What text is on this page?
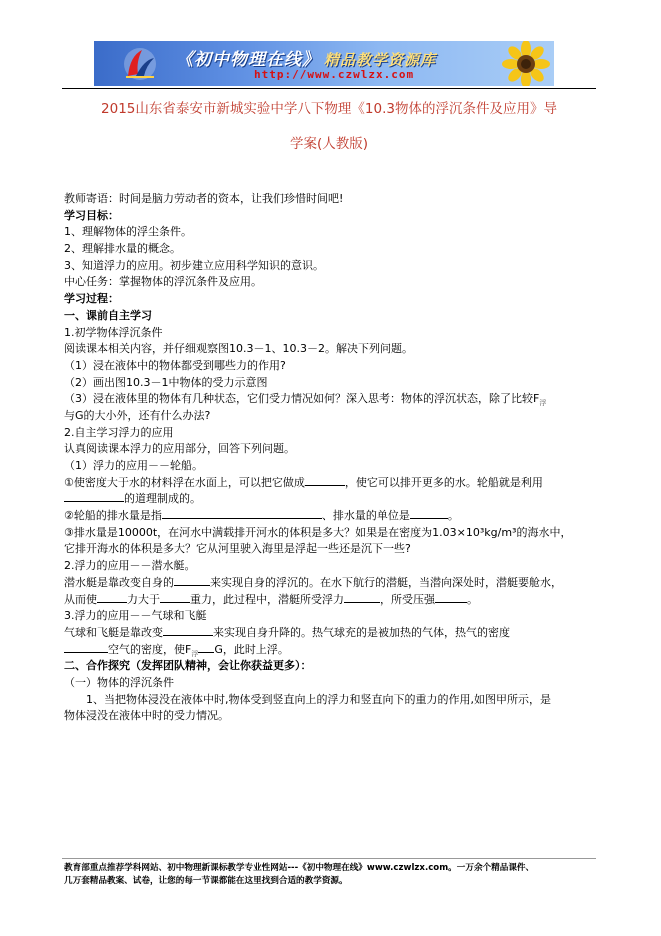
《初中物理在线》 精品教学资源库
http://www.czwlzx.com
2015山东省泰安市新城实验中学八下物理《10.3物体的浮沉条件及应用》导
学案(人教版)
教师寄语：时间是脑力劳动者的资本，让我们珍惜时间吧!
学习目标：
1、理解物体的浮尘条件。
2、理解排水量的概念。
3、知道浮力的应用。初步建立应用科学知识的意识。
中心任务：掌握物体的浮沉条件及应用。
学习过程：
一、课前自主学习
1.初学物体浮沉条件
阅读课本相关内容，并仔细观察图10.3－1、10.3－2。解决下列问题。
（1）浸在液体中的物体都受到哪些力的作用?
（2）画出图10.3－1中物体的受力示意图
（3）浸在液体里的物体有几种状态，它们受力情况如何？深入思考：物体的浮沉状态，除了比较$F_浮$
与G的大小外，还有什么办法?
2.自主学习浮力的应用
认真阅读课本浮力的应用部分，回答下列问题。
（1）浮力的应用－－轮船。
①使密度大于水的材料浮在水面上，可以把它做成	，使它可以排开更多的水。轮船就是利用
的道理制成的。
②轮船的排水量是指	、排水量的单位是	。
③排水量是10000t，在河水中满载排开河水的体积是多大？如果是在密度为1.03×10³kg/m³的海水中，
它排开海水的体积是多大？它从河里驶入海里是浮起一些还是沉下一些?
2.浮力的应用－－潜水艇。
潜水艇是靠改变自身的	来实现自身的浮沉的。在水下航行的潜艇，当潜向深处时，潜艇要舱水，
从而使	力大于	重力，此过程中，潜艇所受浮力	，所受压强	。
3.浮力的应用－－气球和飞艇
气球和飞艇是靠改变	来实现自身升降的。热气球充的是被加热的气体，热气的密度
空气的密度，使$F_浮$ G，此时上浮。
二、合作探究（发挥团队精神，会让你获益更多）：
（一）物体的浮沉条件
1、当把物体浸没在液体中时,物体受到竖直向上的浮力和竖直向下的重力的作用,如图甲所示，是
物体浸没在液体中时的受力情况。
教育部重点推荐学科网站、初中物理新课标教学专业性网站---《初中物理在线》www.czwlzx.com。一万余个精品课件、
几万套精品教案、试卷，让您的每一节课都能在这里找到合适的教学资源。
